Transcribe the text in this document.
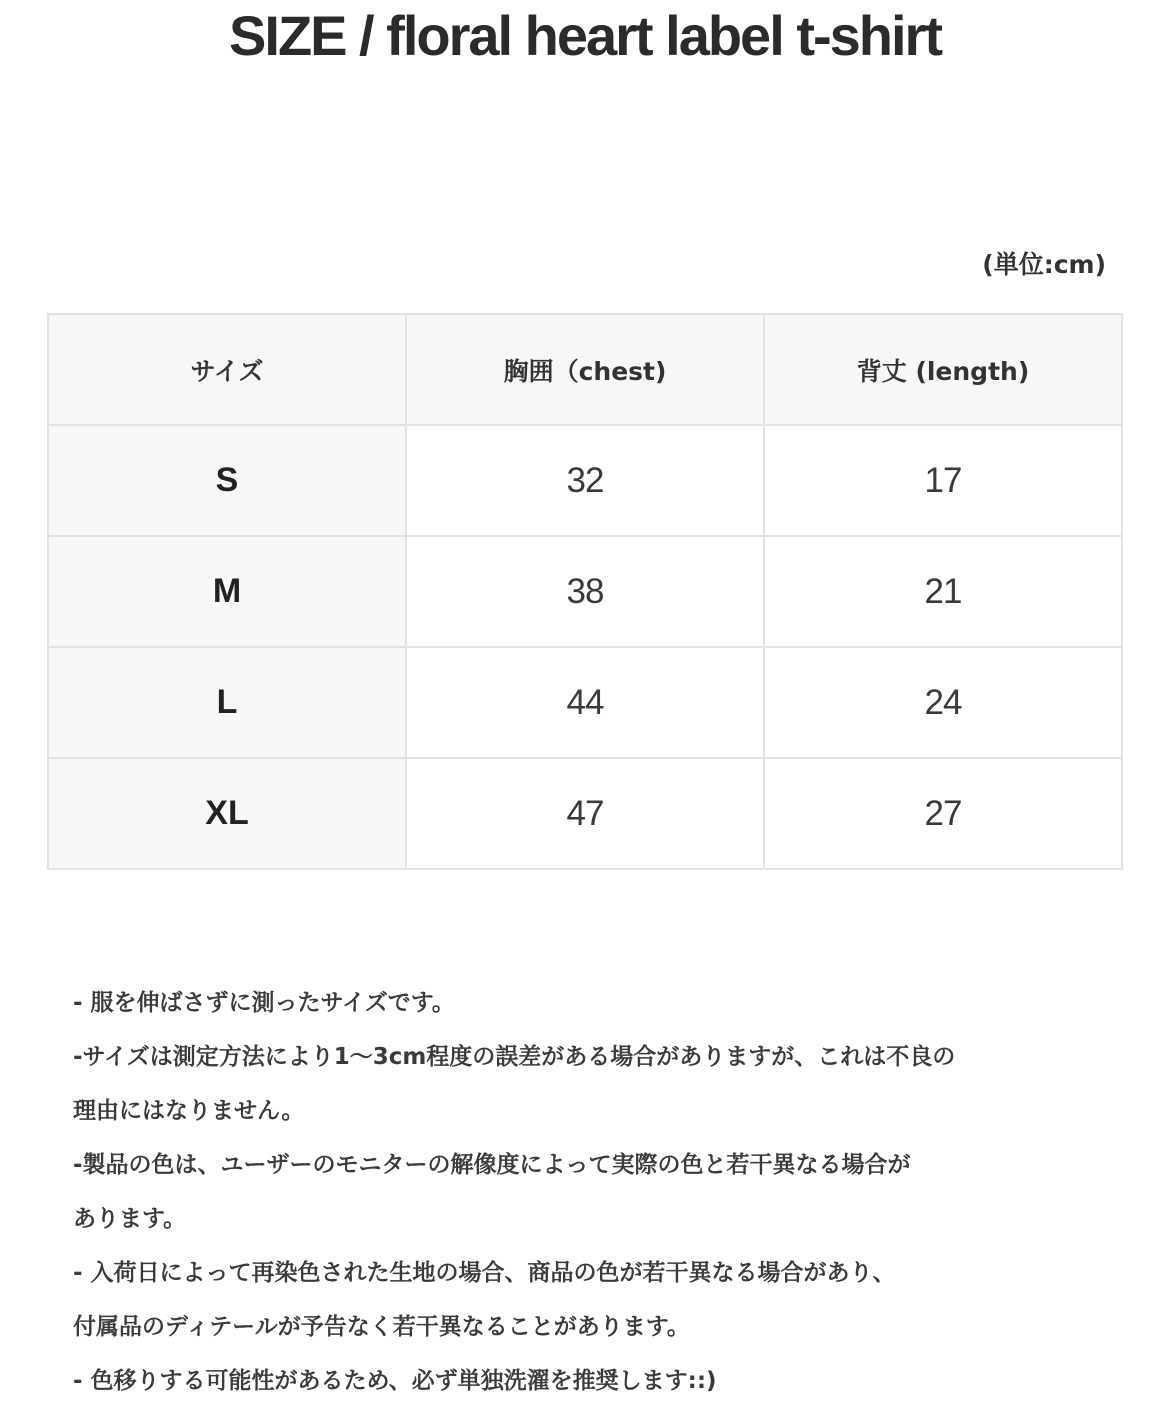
SIZE / floral heart label t-shirt
(単位:cm)
サイズ	胸囲（chest)	背丈 (length)
S	32	17
M	38	21
L	44	24
XL	47	27
- 服を伸ばさずに測ったサイズです。
-サイズは測定方法により1～3cm程度の誤差がある場合がありますが、これは不良の
理由にはなりません。
-製品の色は、ユーザーのモニターの解像度によって実際の色と若干異なる場合が
あります。
- 入荷日によって再染色された生地の場合、商品の色が若干異なる場合があり、
付属品のディテールが予告なく若干異なることがあります。
- 色移りする可能性があるため、必ず単独洗濯を推奨します::)
